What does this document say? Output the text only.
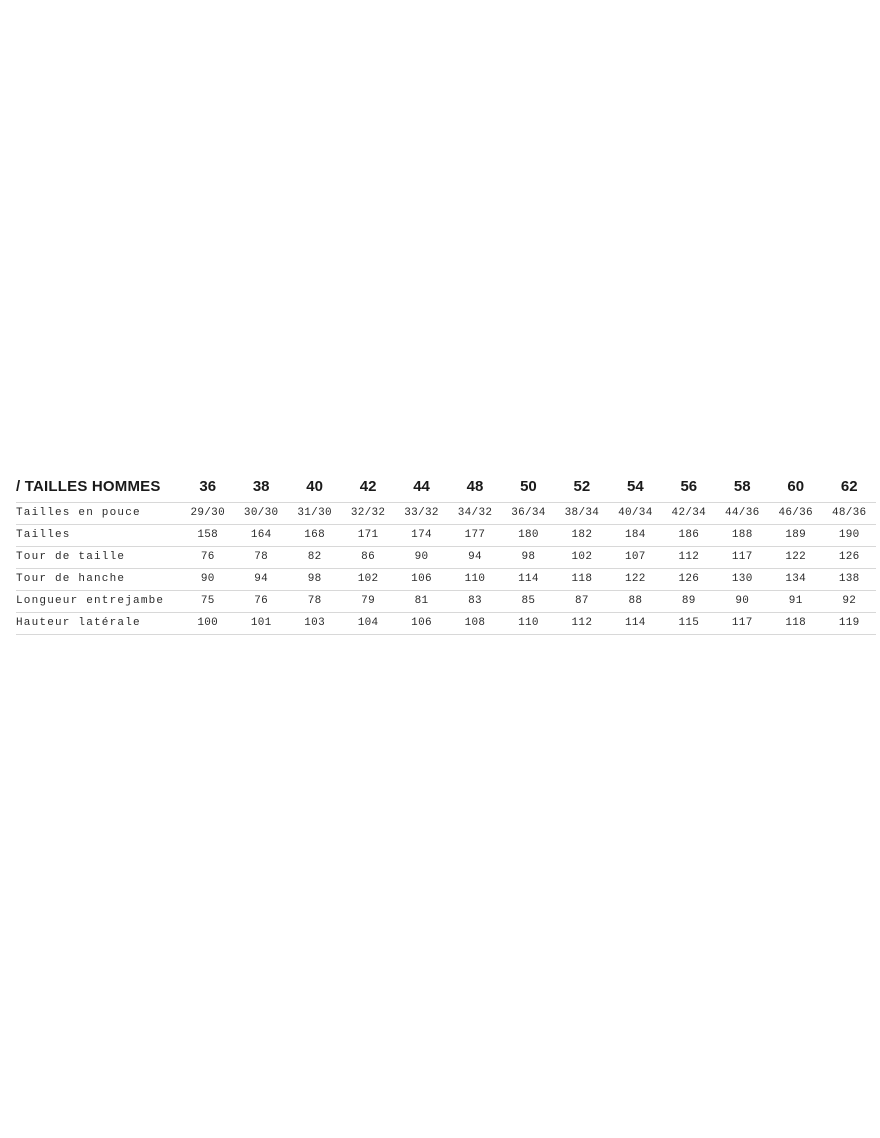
/ TAILLES HOMMES	36	38	40	42	44	48	50	52	54	56	58	60	62
Tailles en pouce	29/30	30/30	31/30	32/32	33/32	34/32	36/34	38/34	40/34	42/34	44/36	46/36	48/36
Tailles	158	164	168	171	174	177	180	182	184	186	188	189	190
Tour de taille	76	78	82	86	90	94	98	102	107	112	117	122	126
Tour de hanche	90	94	98	102	106	110	114	118	122	126	130	134	138
Longueur entrejambe	75	76	78	79	81	83	85	87	88	89	90	91	92
Hauteur latérale	100	101	103	104	106	108	110	112	114	115	117	118	119
